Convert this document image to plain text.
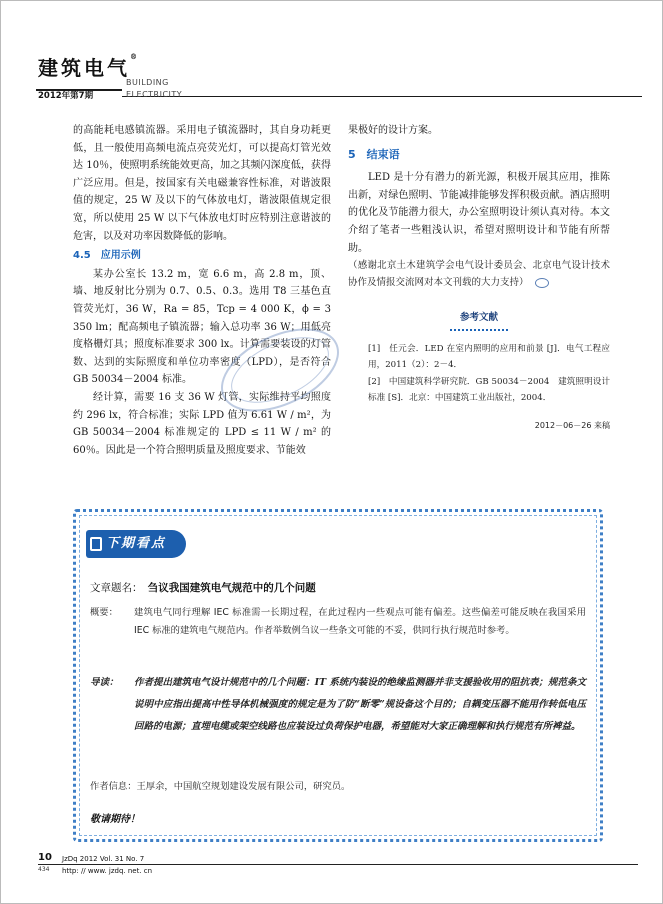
建筑电气®
BUILDING
2012年第7期	ELECTRICITY

的高能耗电感镇流器。采用电子镇流器时，其自身功耗更低，且一般使用高频电流点亮荧光灯，可以提高灯管光效达 10％，使照明系统能效更高，加之其频闪深度低，获得广泛应用。但是，按国家有关电磁兼容性标准，对谐波限值的规定，25 W 及以下的气体放电灯，谐波限值规定很宽，所以使用 25 W 以下气体放电灯时应特别注意谐波的危害，以及对功率因数降低的影响。

4.5　应用示例

某办公室长 13.2 m，宽 6.6 m，高 2.8 m，顶、墙、地反射比分别为 0.7、0.5、0.3。选用 T8 三基色直管荧光灯，36 W，Ra = 85，Tcp = 4 000 K，ϕ = 3 350 lm；配高频电子镇流器；输入总功率 36 W；用低亮度格栅灯具；照度标准要求 300 lx。计算需要装设的灯管数、达到的实际照度和单位功率密度（LPD），是否符合 GB 50034－2004 标准。

经计算，需要 16 支 36 W 灯管，实际维持平均照度约 296 lx，符合标准；实际 LPD 值为 6.61 W / m²，为 GB 50034－2004 标准规定的 LPD ≤ 11 W / m² 的 60％。因此是一个符合照明质量及照度要求、节能效

果极好的设计方案。

5　结束语

LED 是十分有潜力的新光源，积极开展其应用，推陈出新，对绿色照明、节能减排能够发挥积极贡献。酒店照明的优化及节能潜力很大，办公室照明设计须认真对待。本文介绍了笔者一些粗浅认识，希望对照明设计和节能有所帮助。

（感谢北京土木建筑学会电气设计委员会、北京电气设计技术协作及情报交流网对本文刊载的大力支持）

参考文献

[1]　任元会．LED 在室内照明的应用和前景 [J]．电气工程应用，2011（2）：2－4．

[2]　中国建筑科学研究院．GB 50034－2004　建筑照明设计标准 [S]．北京：中国建筑工业出版社，2004．

2012－06－26 来稿
下期看点
文章题名：　 刍议我国建筑电气规范中的几个问题
概要：	建筑电气同行理解 IEC 标准需一长期过程，在此过程内一些观点可能有偏差。这些偏差可能反映在我国采用 IEC 标准的建筑电气规范内。作者举数例刍议一些条文可能的不妥，供同行执行规范时参考。
导读：	作者提出建筑电气设计规范中的几个问题：IT 系统内装设的绝缘监测器并非支援验收用的阻抗表；规范条文说明中应指出提高中性导体机械强度的规定是为了防“断零”规设备这个目的；自耦变压器不能用作转低电压回路的电源；直埋电缆或架空线路也应装设过负荷保护电器，希望能对大家正确理解和执行规范有所裨益。
作者信息：王厚余，中国航空规划建设发展有限公司，研究员。
敬请期待！
10 JzDq 2012 Vol. 31 No. 7
434 http: // www. jzdq. net. cn
